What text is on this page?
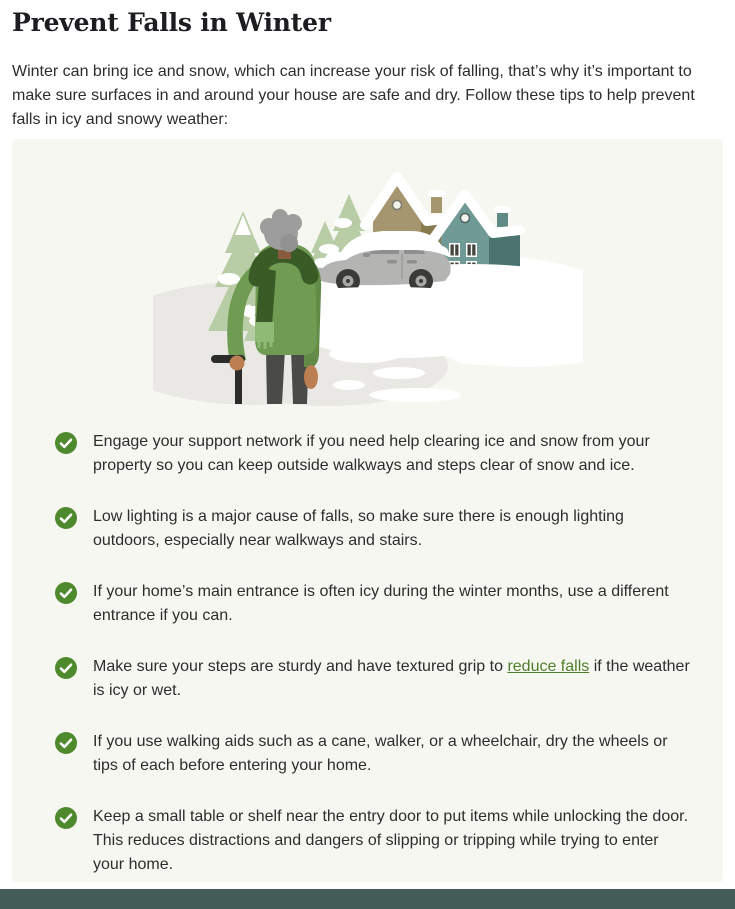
Prevent Falls in Winter

Winter can bring ice and snow, which can increase your risk of falling, that’s why it’s important to make sure surfaces in and around your house are safe and dry. Follow these tips to help prevent falls in icy and snowy weather:

Engage your support network if you need help clearing ice and snow from your property so you can keep outside walkways and steps clear of snow and ice.
Low lighting is a major cause of falls, so make sure there is enough lighting outdoors, especially near walkways and stairs.
If your home’s main entrance is often icy during the winter months, use a different entrance if you can.
Make sure your steps are sturdy and have textured grip to reduce falls if the weather is icy or wet.
If you use walking aids such as a cane, walker, or a wheelchair, dry the wheels or tips of each before entering your home.
Keep a small table or shelf near the entry door to put items while unlocking the door. This reduces distractions and dangers of slipping or tripping while trying to enter your home.
